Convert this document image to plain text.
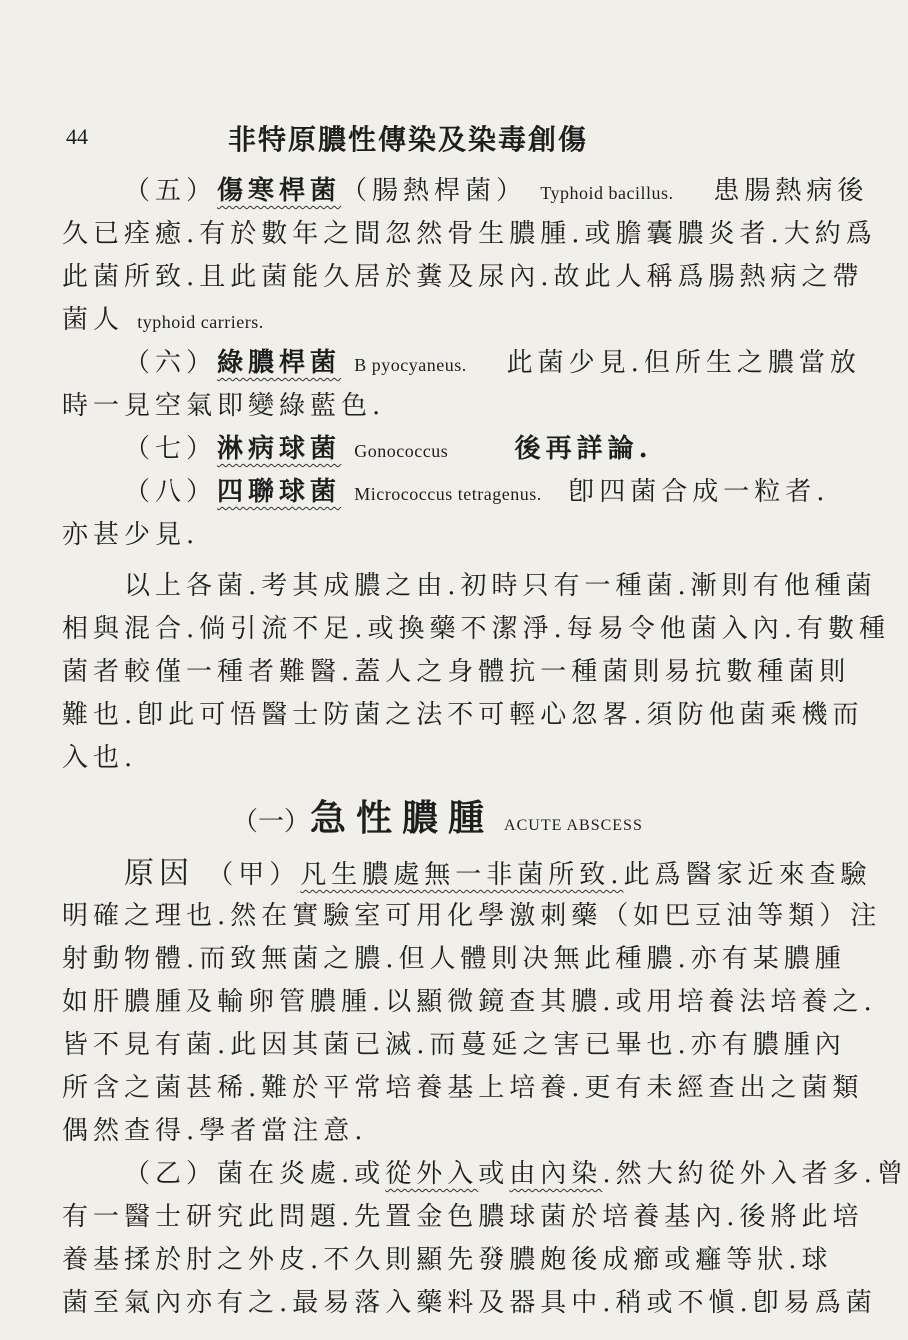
44	非特原膿性傳染及染毒創傷
（五）傷寒桿菌（腸熱桿菌） Typhoid bacillus. 患腸熱病後
久已痊癒.有於數年之間忽然骨生膿腫.或膽囊膿炎者.大約爲
此菌所致.且此菌能久居於糞及尿內.故此人稱爲腸熱病之帶
菌人 typhoid carriers.
（六）綠膿桿菌 B pyocyaneus. 此菌少見.但所生之膿當放
時一見空氣即變綠藍色.
（七）淋病球菌 Gonococcus	後再詳論.
（八）四聯球菌 Micrococcus tetragenus. 卽四菌合成一粒者.
亦甚少見.
以上各菌.考其成膿之由.初時只有一種菌.漸則有他種菌
相與混合.倘引流不足.或換藥不潔淨.每易令他菌入內.有數種
菌者較僅一種者難醫.蓋人之身體抗一種菌則易抗數種菌則
難也.卽此可悟醫士防菌之法不可輕心忽畧.須防他菌乘機而
入也.
（一）急性膿腫 ACUTE ABSCESS
原因 （甲）凡生膿處無一非菌所致.此爲醫家近來查驗
明確之理也.然在實驗室可用化學激刺藥（如巴豆油等類）注
射動物體.而致無菌之膿.但人體則决無此種膿.亦有某膿腫
如肝膿腫及輸卵管膿腫.以顯微鏡查其膿.或用培養法培養之.
皆不見有菌.此因其菌已滅.而蔓延之害已畢也.亦有膿腫內
所含之菌甚稀.難於平常培養基上培養.更有未經查出之菌類
偶然查得.學者當注意.
（乙）菌在炎處.或從外入或由內染.然大約從外入者多.曾
有一醫士研究此問題.先置金色膿球菌於培養基內.後將此培
養基揉於肘之外皮.不久則顯先發膿皰後成癤或癰等狀.球
菌至氣內亦有之.最易落入藥料及器具中.稍或不愼.卽易爲菌
